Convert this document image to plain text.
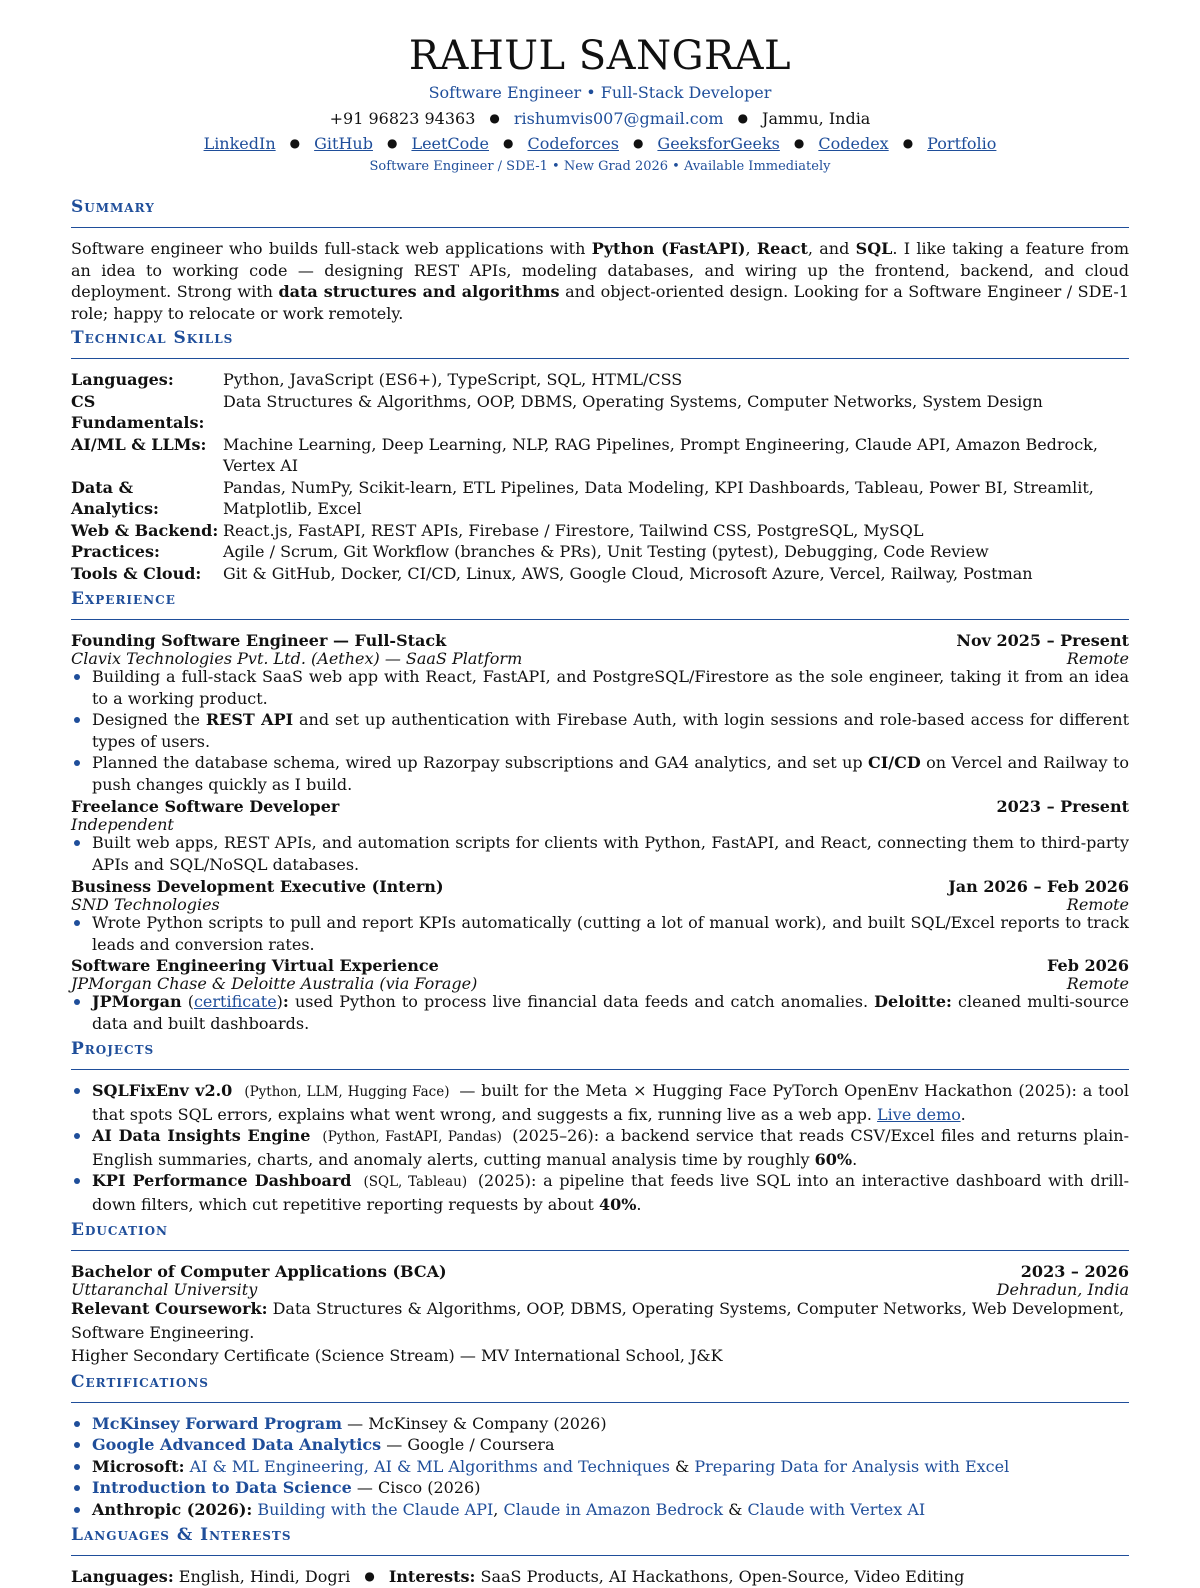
RAHUL SANGRAL
Software Engineer • Full-Stack Developer
+91 96823 94363 ● rishumvis007@gmail.com ● Jammu, India
LinkedIn ● GitHub ● LeetCode ● Codeforces ● GeeksforGeeks ● Codedex ● Portfolio
Software Engineer / SDE-1 • New Grad 2026 • Available Immediately
Summary
Software engineer who builds full-stack web applications with Python (FastAPI), React, and SQL. I like taking a feature from an idea to working code — designing REST APIs, modeling databases, and wiring up the frontend, backend, and cloud deployment. Strong with data structures and algorithms and object-oriented design. Looking for a Software Engineer / SDE-1 role; happy to relocate or work remotely.
Technical Skills
Languages:	Python, JavaScript (ES6+), TypeScript, SQL, HTML/CSS
CS Fundamentals:
Data Structures & Algorithms, OOP, DBMS, Operating Systems, Computer Networks, System Design
AI/ML & LLMs:	Machine Learning, Deep Learning, NLP, RAG Pipelines, Prompt Engineering, Claude API, Amazon Bedrock, Vertex AI
Data & Analytics:
Pandas, NumPy, Scikit-learn, ETL Pipelines, Data Modeling, KPI Dashboards, Tableau, Power BI, Streamlit, Matplotlib, Excel
Web & Backend: React.js, FastAPI, REST APIs, Firebase / Firestore, Tailwind CSS, PostgreSQL, MySQL
Practices:	Agile / Scrum, Git Workflow (branches & PRs), Unit Testing (pytest), Debugging, Code Review
Tools & Cloud:	Git & GitHub, Docker, CI/CD, Linux, AWS, Google Cloud, Microsoft Azure, Vercel, Railway, Postman
Experience
Founding Software Engineer — Full-Stack	Nov 2025 – Present
Clavix Technologies Pvt. Ltd. (Aethex) — SaaS Platform	Remote
Building a full-stack SaaS web app with React, FastAPI, and PostgreSQL/Firestore as the sole engineer, taking it from an idea to a working product.
Designed the REST API and set up authentication with Firebase Auth, with login sessions and role-based access for different types of users.
Planned the database schema, wired up Razorpay subscriptions and GA4 analytics, and set up CI/CD on Vercel and Railway to push changes quickly as I build.
Freelance Software Developer	2023 – Present
Independent
Built web apps, REST APIs, and automation scripts for clients with Python, FastAPI, and React, connecting them to third-party APIs and SQL/NoSQL databases.
Business Development Executive (Intern)	Jan 2026 – Feb 2026
SND Technologies	Remote
Wrote Python scripts to pull and report KPIs automatically (cutting a lot of manual work), and built SQL/Excel reports to track leads and conversion rates.
Software Engineering Virtual Experience	Feb 2026
JPMorgan Chase & Deloitte Australia (via Forage)	Remote
JPMorgan (certificate): used Python to process live financial data feeds and catch anomalies. Deloitte: cleaned multi-source data and built dashboards.
Projects
SQLFixEnv v2.0 (Python, LLM, Hugging Face) — built for the Meta × Hugging Face PyTorch OpenEnv Hackathon (2025): a tool that spots SQL errors, explains what went wrong, and suggests a fix, running live as a web app. Live demo.
AI Data Insights Engine (Python, FastAPI, Pandas) (2025–26): a backend service that reads CSV/Excel files and returns plain-English summaries, charts, and anomaly alerts, cutting manual analysis time by roughly 60%.
KPI Performance Dashboard (SQL, Tableau) (2025): a pipeline that feeds live SQL into an interactive dashboard with drill-down filters, which cut repetitive reporting requests by about 40%.
Education
Bachelor of Computer Applications (BCA)	2023 – 2026
Uttaranchal University	Dehradun, India
Relevant Coursework: Data Structures & Algorithms, OOP, DBMS, Operating Systems, Computer Networks, Web Development, Software Engineering.
Higher Secondary Certificate (Science Stream) — MV International School, J&K
Certifications
McKinsey Forward Program — McKinsey & Company (2026)
Google Advanced Data Analytics — Google / Coursera
Microsoft: AI & ML Engineering, AI & ML Algorithms and Techniques & Preparing Data for Analysis with Excel
Introduction to Data Science — Cisco (2026)
Anthropic (2026): Building with the Claude API, Claude in Amazon Bedrock & Claude with Vertex AI
Languages & Interests
Languages: English, Hindi, Dogri ● Interests: SaaS Products, AI Hackathons, Open-Source, Video Editing
